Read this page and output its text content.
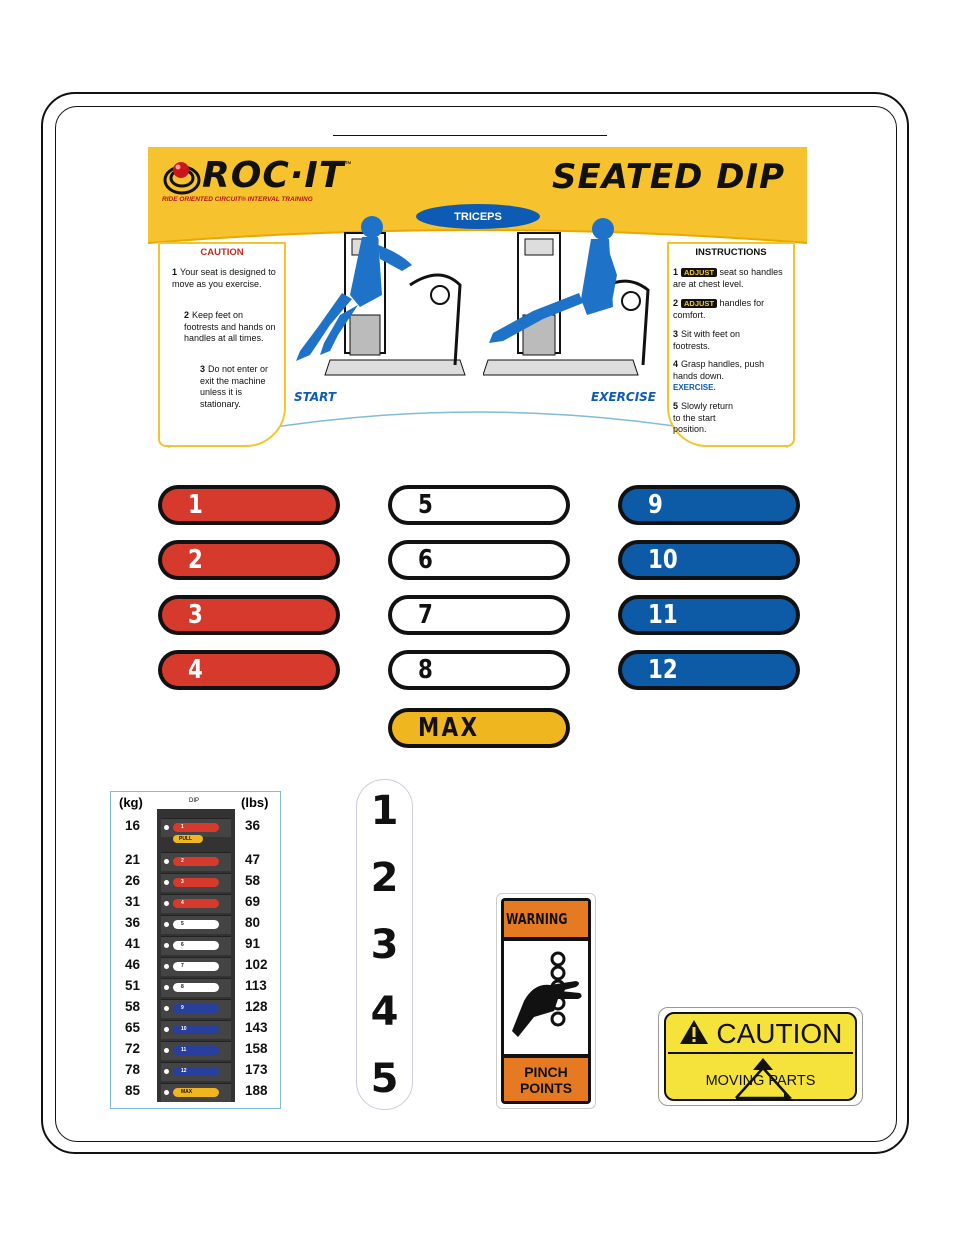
ROC·IT ™
RIDE ORIENTED CIRCUIT® INTERVAL TRAINING
SEATED DIP
TRICEPS
CAUTION
1 Your seat is designed to move as you exercise.
2 Keep feet on footrests and hands on handles at all times.
3 Do not enter or exit the machine unless it is stationary.
INSTRUCTIONS
1 ADJUST seat so handles are at chest level.
2 ADJUST handles for comfort.
3 Sit with feet on footrests.
4 Grasp handles, push hands down. EXERCISE.
5 Slowly return to the start position.
START	EXERCISE
1
2
3
4
5
6
7
8
9
10
11
12
MAX
(kg)	DIP	(lbs)
16	1	36
21	2	47
26	3	58
31	4	69
36	5	80
41	6	91
46	7	102
51	8	113
58	9	128
65	10	143
72	11	158
78	12	173
85	MAX	188
PULL
1
2
3
4
5
WARNING
PINCH
POINTS
CAUTION
MOVING PARTS
